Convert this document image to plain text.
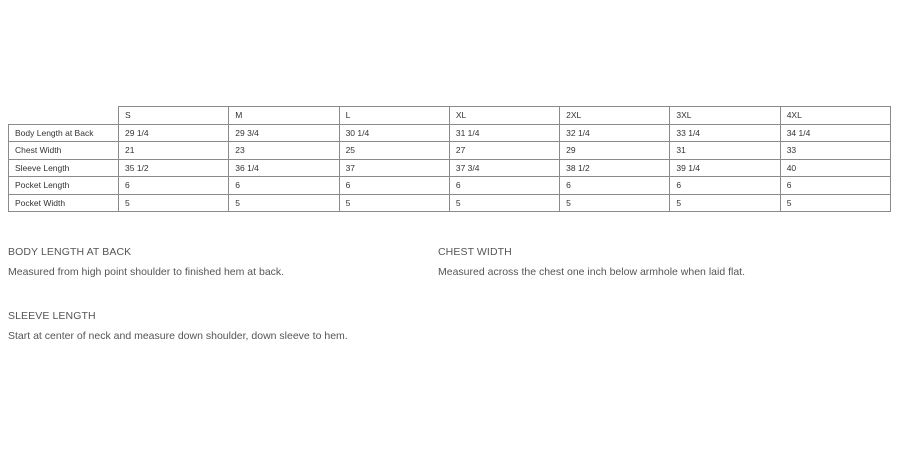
	S	M	L	XL	2XL	3XL	4XL
Body Length at Back	29 1/4	29 3/4	30 1/4	31 1/4	32 1/4	33 1/4	34 1/4
Chest Width	21	23	25	27	29	31	33
Sleeve Length	35 1/2	36 1/4	37	37 3/4	38 1/2	39 1/4	40
Pocket Length	6	6	6	6	6	6	6
Pocket Width	5	5	5	5	5	5	5

BODY LENGTH AT BACK

Measured from high point shoulder to finished hem at back.

CHEST WIDTH

Measured across the chest one inch below armhole when laid flat.

SLEEVE LENGTH

Start at center of neck and measure down shoulder, down sleeve to hem.
